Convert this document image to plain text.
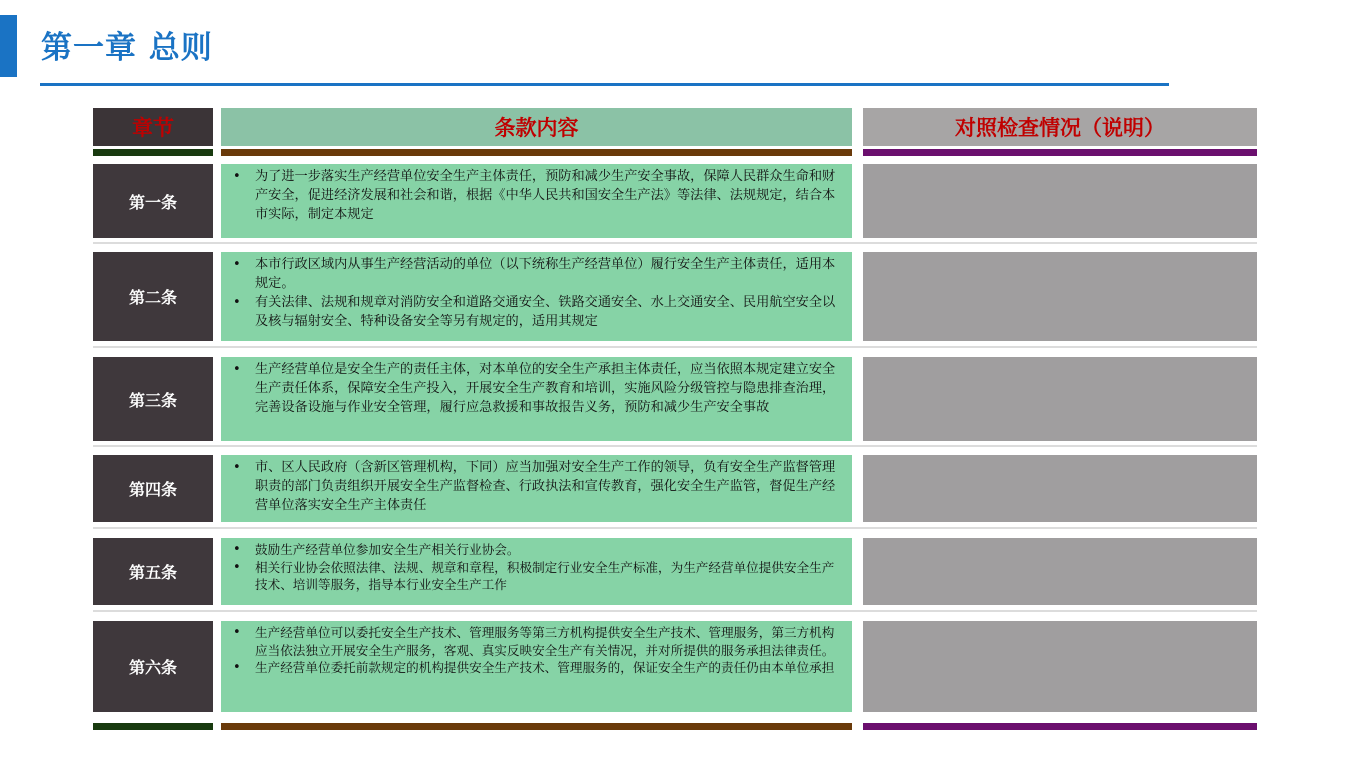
第一章 总则
章节	条款内容	对照检查情况（说明）
第一条
• 为了进一步落实生产经营单位安全生产主体责任，预防和减少生产安全事故，保障人民群众生命和财产安全，促进经济发展和社会和谐，根据《中华人民共和国安全生产法》等法律、法规规定，结合本市实际，制定本规定
第二条
• 本市行政区域内从事生产经营活动的单位（以下统称生产经营单位）履行安全生产主体责任，适用本规定。
• 有关法律、法规和规章对消防安全和道路交通安全、铁路交通安全、水上交通安全、民用航空安全以及核与辐射安全、特种设备安全等另有规定的，适用其规定
第三条
• 生产经营单位是安全生产的责任主体，对本单位的安全生产承担主体责任，应当依照本规定建立安全生产责任体系，保障安全生产投入，开展安全生产教育和培训，实施风险分级管控与隐患排查治理，完善设备设施与作业安全管理，履行应急救援和事故报告义务，预防和减少生产安全事故
第四条
• 市、区人民政府（含新区管理机构，下同）应当加强对安全生产工作的领导，负有安全生产监督管理职责的部门负责组织开展安全生产监督检查、行政执法和宣传教育，强化安全生产监管，督促生产经营单位落实安全生产主体责任
第五条
• 鼓励生产经营单位参加安全生产相关行业协会。
• 相关行业协会依照法律、法规、规章和章程，积极制定行业安全生产标准，为生产经营单位提供安全生产技术、培训等服务，指导本行业安全生产工作
第六条
• 生产经营单位可以委托安全生产技术、管理服务等第三方机构提供安全生产技术、管理服务，第三方机构应当依法独立开展安全生产服务，客观、真实反映安全生产有关情况，并对所提供的服务承担法律责任。
• 生产经营单位委托前款规定的机构提供安全生产技术、管理服务的，保证安全生产的责任仍由本单位承担
